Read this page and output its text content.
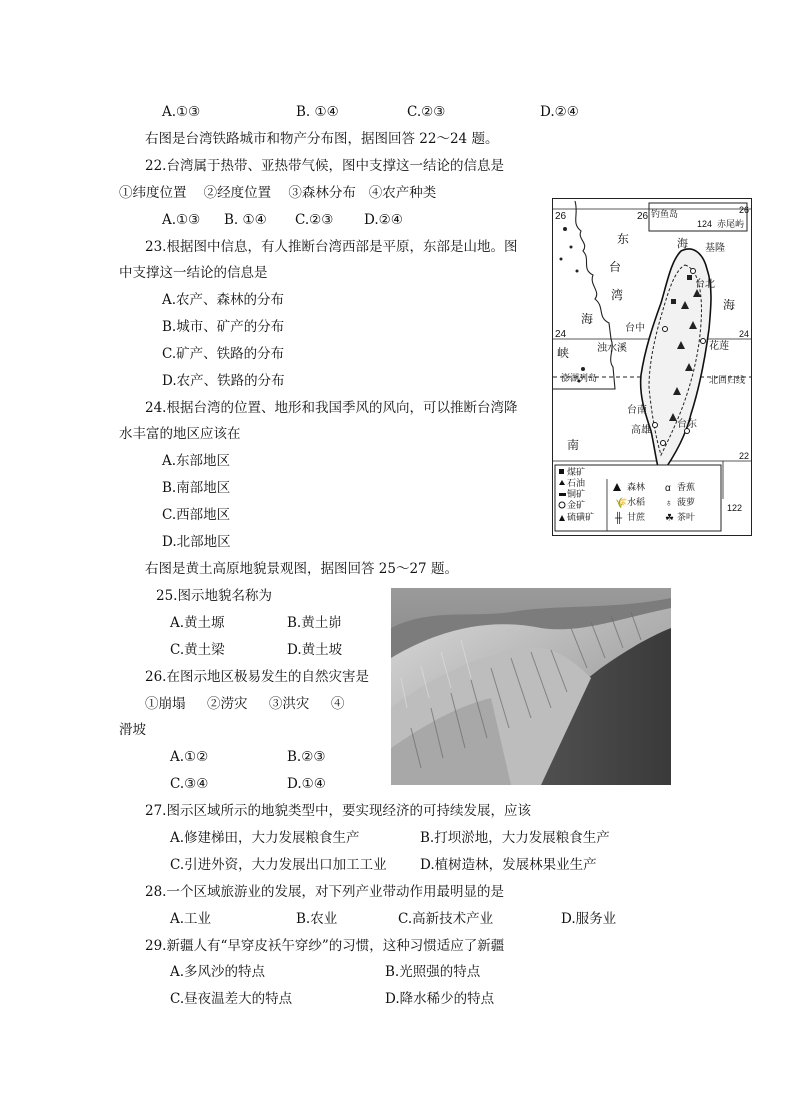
A.①③	B. ①④	C.②③	D.②④
右图是台湾铁路城市和物产分布图，据图回答 22～24 题。
22.台湾属于热带、亚热带气候，图中支撑这一结论的信息是
①纬度位置    ②经度位置    ③森林分布   ④农产种类
A.①③ B. ①④ C.②③ D.②④
23.根据图中信息，有人推断台湾西部是平原，东部是山地。图
中支撑这一结论的信息是
A.农产、森林的分布
B.城市、矿产的分布
C.矿产、铁路的分布
D.农产、铁路的分布
24.根据台湾的位置、地形和我国季风的风向，可以推断台湾降
水丰富的地区应该在
A.东部地区
B.南部地区
C.西部地区
D.北部地区
右图是黄土高原地貌景观图，据图回答 25～27 题。
25.图示地貌名称为
A.黄土塬	B.黄土峁
C.黄土梁	D.黄土坡
26.在图示地区极易发生的自然灾害是
①崩塌     ②涝灾     ③洪灾     ④
滑坡
A.①②	B.②③
C.③④	D.①④
27.图示区域所示的地貌类型中，要实现经济的可持续发展，应该
A.修建梯田，大力发展粮食生产	B.打坝淤地，大力发展粮食生产
C.引进外资，大力发展出口加工工业 D.植树造林，发展林果业生产
28.一个区域旅游业的发展，对下列产业带动作用最明显的是
A.工业	B.农业	C.高新技术产业	D.服务业
29.新疆人有“早穿皮袄午穿纱”的习惯，这种习惯适应了新疆
A.多风沙的特点	B.光照强的特点
C.昼夜温差大的特点	D.降水稀少的特点
26	26
26
124
24	24
22
122
钓鱼岛
赤尾屿
东
台
湾
海
海
峡
海
南
基隆
台北
台中
花莲
浊水溪
澎湖列岛
台南
高雄
台东
北回归线
煤矿
石油
铜矿
金矿
硫磺矿
森林
🌾 水稻
╫ 甘蔗
α 香蕉
♁ 菠萝
☘ 茶叶
